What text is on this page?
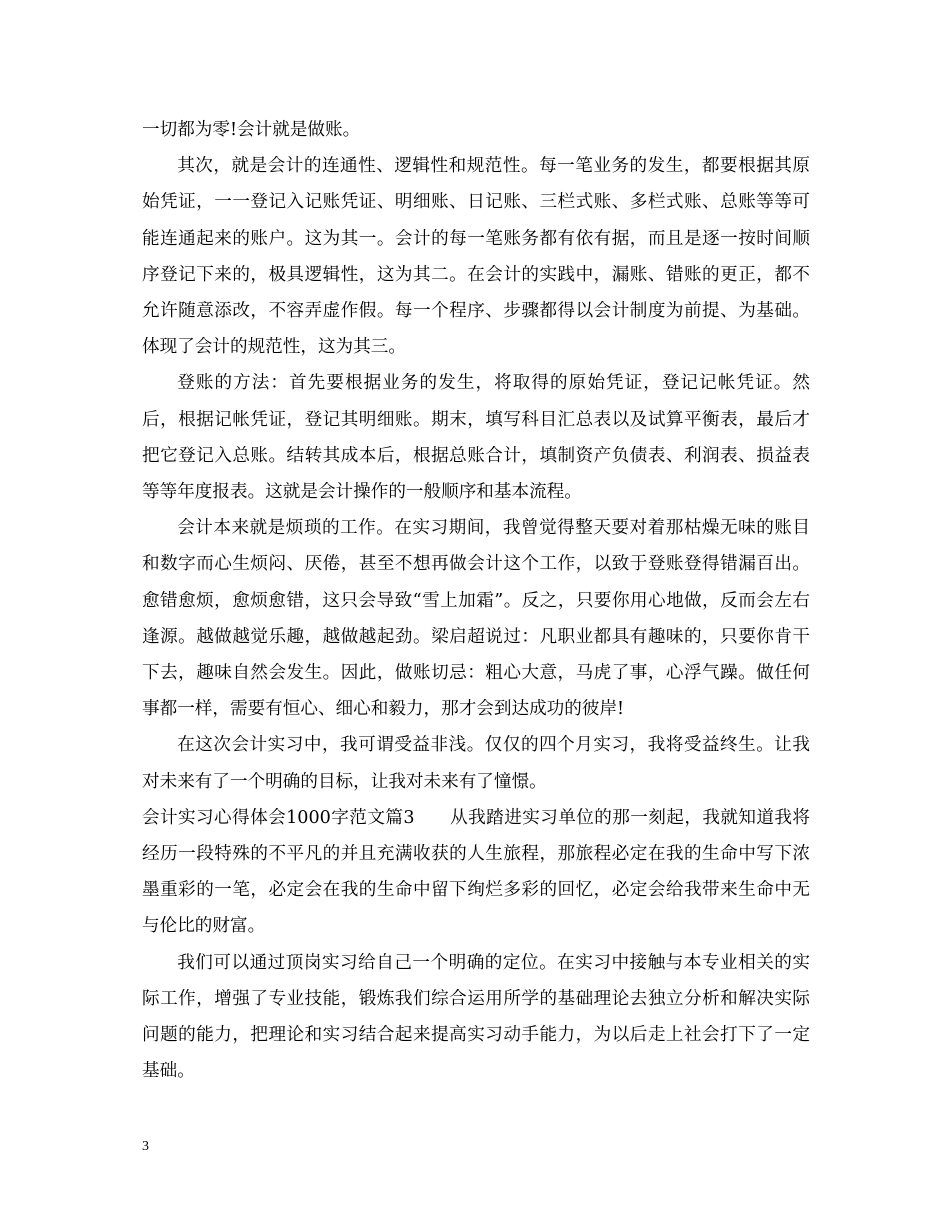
一切都为零!会计就是做账。

其次，就是会计的连通性、逻辑性和规范性。每一笔业务的发生，都要根据其原始凭证，一一登记入记账凭证、明细账、日记账、三栏式账、多栏式账、总账等等可能连通起来的账户。这为其一。会计的每一笔账务都有依有据，而且是逐一按时间顺序登记下来的，极具逻辑性，这为其二。在会计的实践中，漏账、错账的更正，都不允许随意添改，不容弄虚作假。每一个程序、步骤都得以会计制度为前提、为基础。体现了会计的规范性，这为其三。

登账的方法：首先要根据业务的发生，将取得的原始凭证，登记记帐凭证。然后，根据记帐凭证，登记其明细账。期末，填写科目汇总表以及试算平衡表，最后才把它登记入总账。结转其成本后，根据总账合计，填制资产负债表、利润表、损益表等等年度报表。这就是会计操作的一般顺序和基本流程。

会计本来就是烦琐的工作。在实习期间，我曾觉得整天要对着那枯燥无味的账目和数字而心生烦闷、厌倦，甚至不想再做会计这个工作，以致于登账登得错漏百出。愈错愈烦，愈烦愈错，这只会导致“雪上加霜”。反之，只要你用心地做，反而会左右逢源。越做越觉乐趣，越做越起劲。梁启超说过：凡职业都具有趣味的，只要你肯干下去，趣味自然会发生。因此，做账切忌：粗心大意，马虎了事，心浮气躁。做任何事都一样，需要有恒心、细心和毅力，那才会到达成功的彼岸!

在这次会计实习中，我可谓受益非浅。仅仅的四个月实习，我将受益终生。让我对未来有了一个明确的目标，让我对未来有了憧憬。

会计实习心得体会1000字范文篇3 从我踏进实习单位的那一刻起，我就知道我将经历一段特殊的不平凡的并且充满收获的人生旅程，那旅程必定在我的生命中写下浓墨重彩的一笔，必定会在我的生命中留下绚烂多彩的回忆，必定会给我带来生命中无与伦比的财富。

我们可以通过顶岗实习给自己一个明确的定位。在实习中接触与本专业相关的实际工作，增强了专业技能，锻炼我们综合运用所学的基础理论去独立分析和解决实际问题的能力，把理论和实习结合起来提高实习动手能力，为以后走上社会打下了一定基础。

3
